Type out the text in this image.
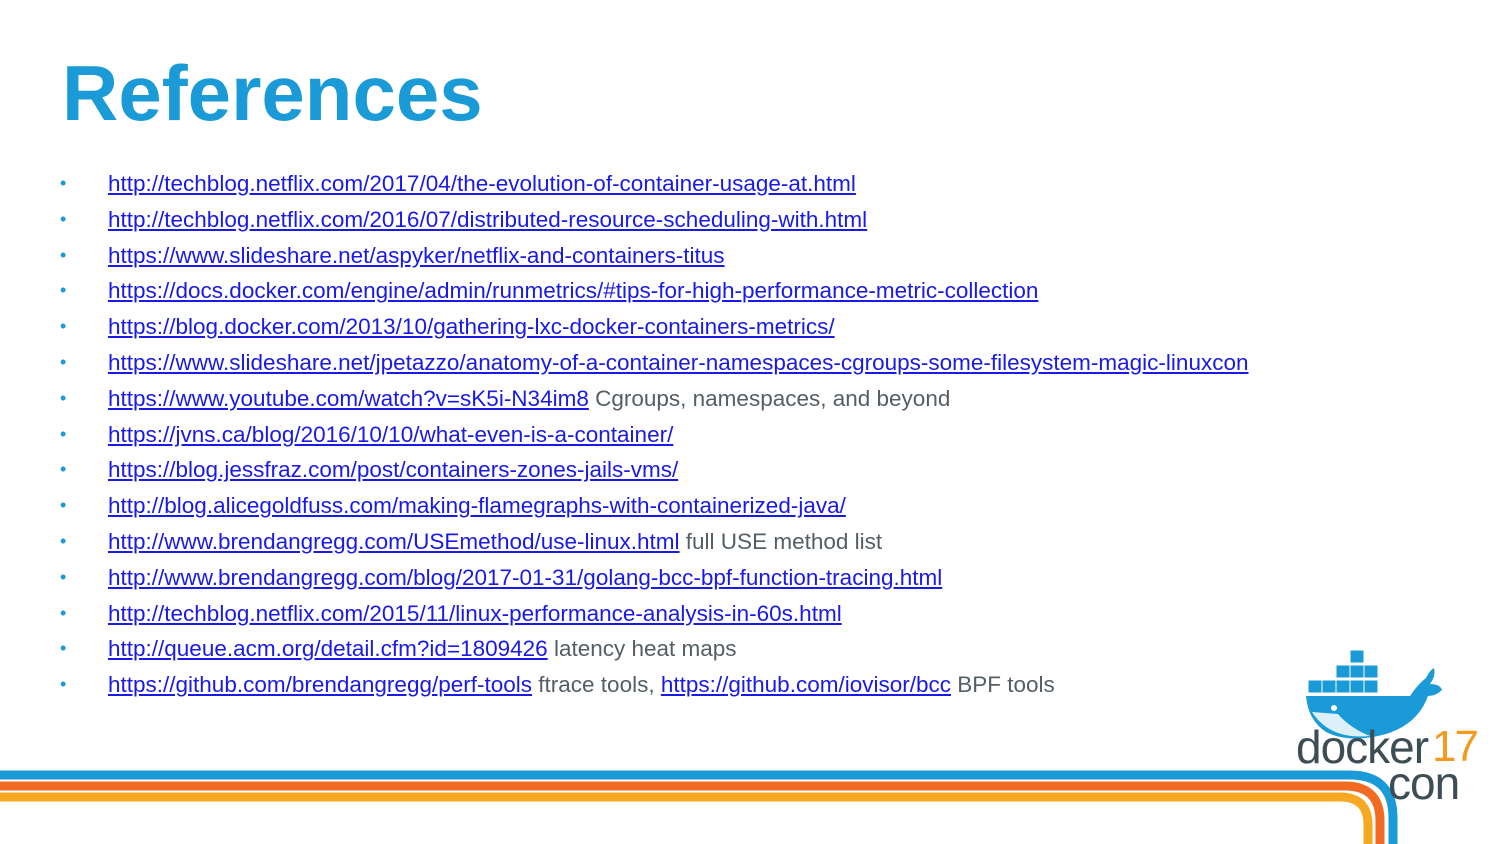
References
•	http://techblog.netflix.com/2017/04/the-evolution-of-container-usage-at.html
•	http://techblog.netflix.com/2016/07/distributed-resource-scheduling-with.html
•	https://www.slideshare.net/aspyker/netflix-and-containers-titus
•	https://docs.docker.com/engine/admin/runmetrics/#tips-for-high-performance-metric-collection
•	https://blog.docker.com/2013/10/gathering-lxc-docker-containers-metrics/
•	https://www.slideshare.net/jpetazzo/anatomy-of-a-container-namespaces-cgroups-some-filesystem-magic-linuxcon
•	https://www.youtube.com/watch?v=sK5i-N34im8 Cgroups, namespaces, and beyond
•	https://jvns.ca/blog/2016/10/10/what-even-is-a-container/
•	https://blog.jessfraz.com/post/containers-zones-jails-vms/
•	http://blog.alicegoldfuss.com/making-flamegraphs-with-containerized-java/
•	http://www.brendangregg.com/USEmethod/use-linux.html full USE method list
•	http://www.brendangregg.com/blog/2017-01-31/golang-bcc-bpf-function-tracing.html
•	http://techblog.netflix.com/2015/11/linux-performance-analysis-in-60s.html
•	http://queue.acm.org/detail.cfm?id=1809426 latency heat maps
•	https://github.com/brendangregg/perf-tools ftrace tools, https://github.com/iovisor/bcc BPF tools
docker 17
con
